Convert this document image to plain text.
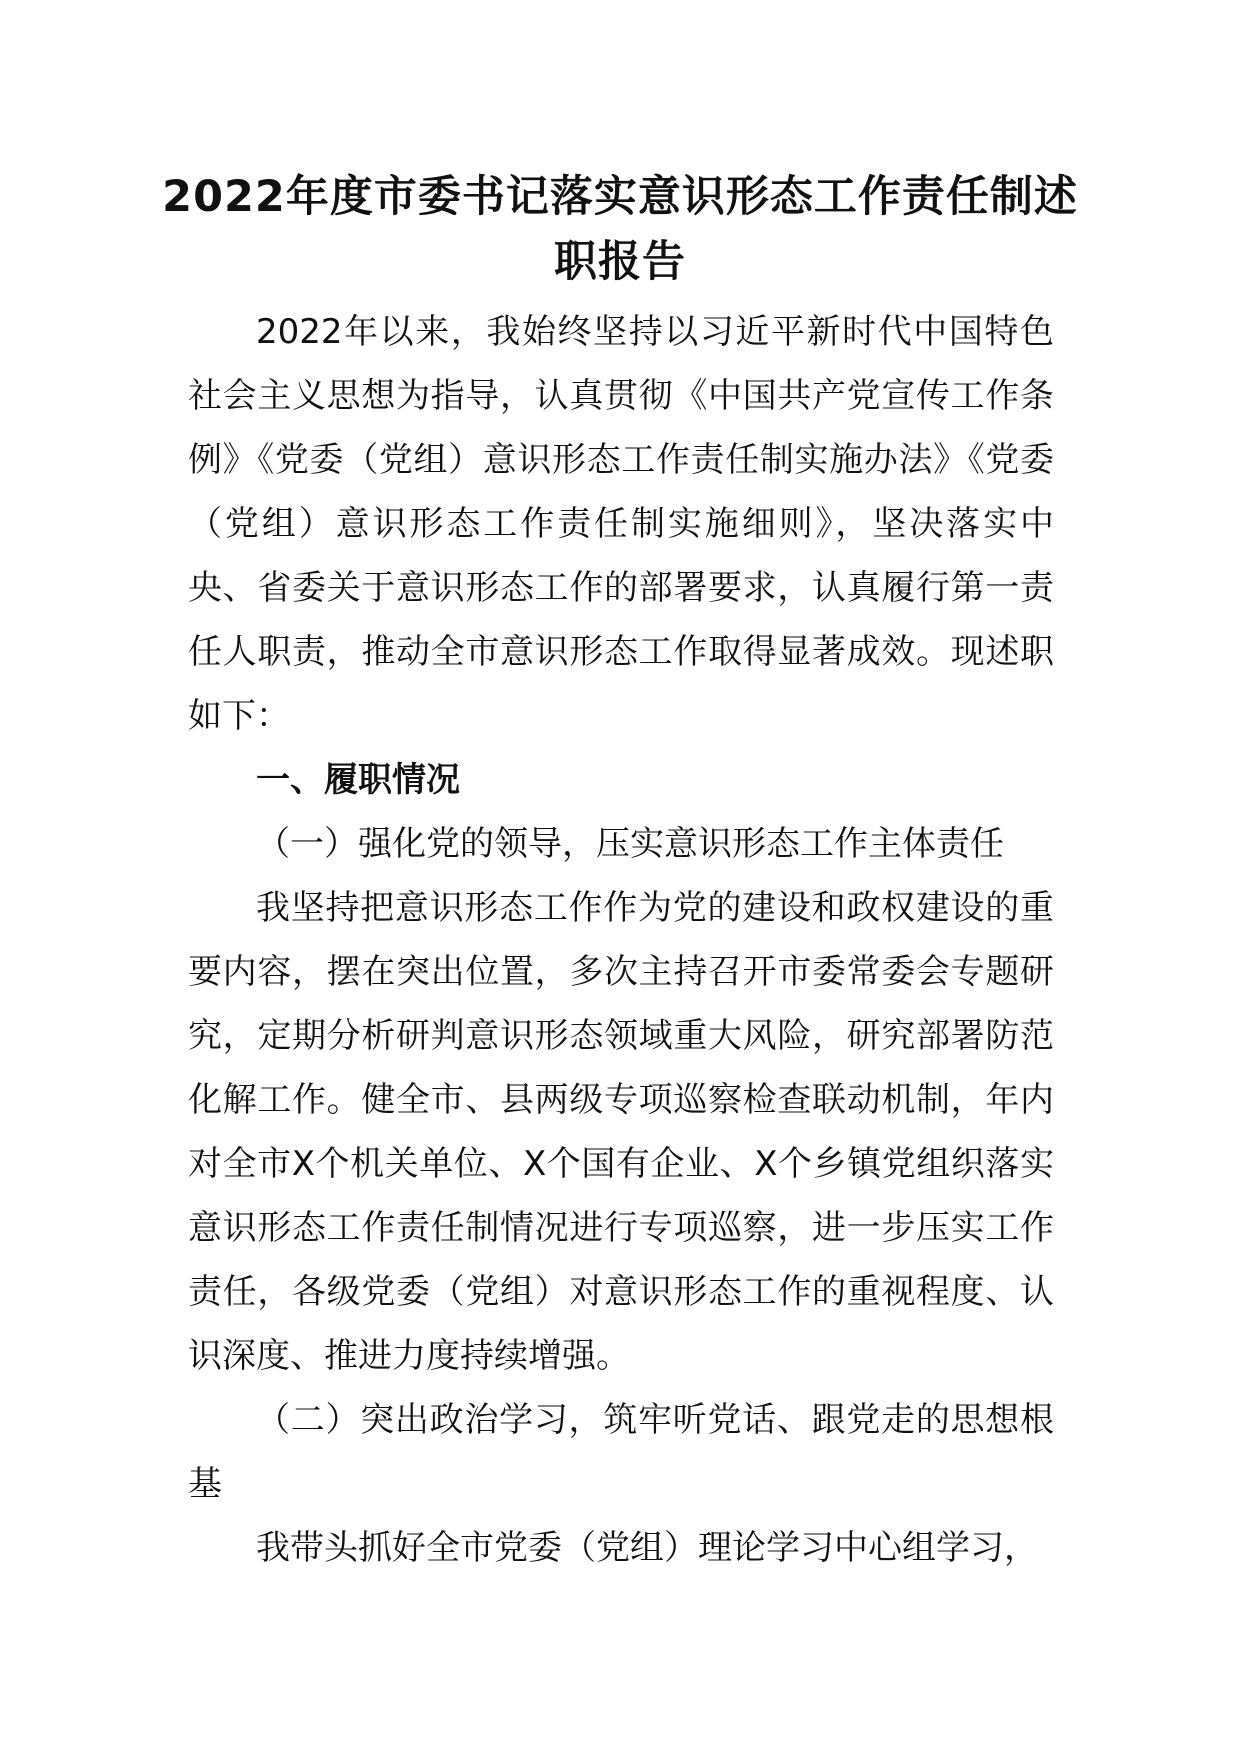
2022年度市委书记落实意识形态工作责任制述职报告

2022年以来，我始终坚持以习近平新时代中国特色社会主义思想为指导，认真贯彻《中国共产党宣传工作条例》《党委（党组）意识形态工作责任制实施办法》《党委（党组）意识形态工作责任制实施细则》，坚决落实中央、省委关于意识形态工作的部署要求，认真履行第一责任人职责，推动全市意识形态工作取得显著成效。现述职如下：

一、履职情况

（一）强化党的领导，压实意识形态工作主体责任

我坚持把意识形态工作作为党的建设和政权建设的重要内容，摆在突出位置，多次主持召开市委常委会专题研究，定期分析研判意识形态领域重大风险，研究部署防范化解工作。健全市、县两级专项巡察检查联动机制，年内对全市X个机关单位、X个国有企业、X个乡镇党组织落实意识形态工作责任制情况进行专项巡察，进一步压实工作责任，各级党委（党组）对意识形态工作的重视程度、认识深度、推进力度持续增强。

（二）突出政治学习，筑牢听党话、跟党走的思想根基

我带头抓好全市党委（党组）理论学习中心组学习，
